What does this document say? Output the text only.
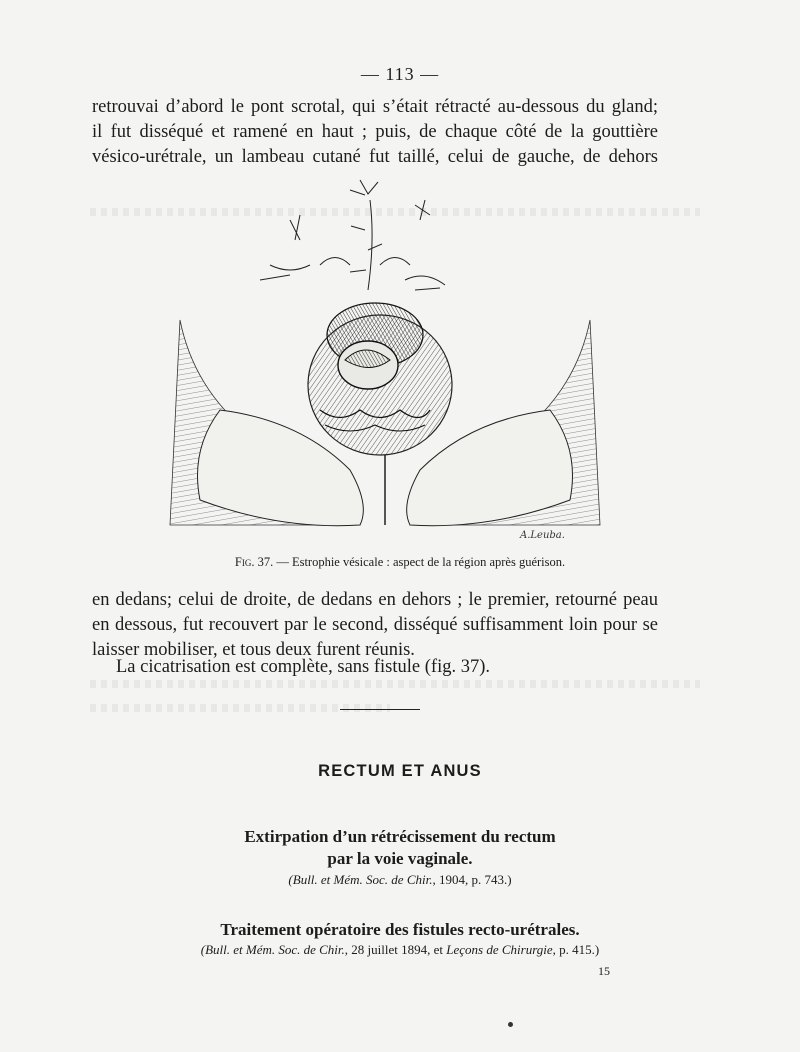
— 113 —
retrouvai d’abord le pont scrotal, qui s’était rétracté au-dessous du gland;
il fut disséqué et ramené en haut ; puis, de chaque côté de la gouttière
vésico-urétrale, un lambeau cutané fut taillé, celui de gauche, de dehors
A.Leuba.
Fig. 37. — Estrophie vésicale : aspect de la région après guérison.
en dedans; celui de droite, de dedans en dehors ; le premier, retourné peau
en dessous, fut recouvert par le second, disséqué suffisamment loin pour se
laisser mobiliser, et tous deux furent réunis.
La cicatrisation est complète, sans fistule (fig. 37).
RECTUM ET ANUS
Extirpation d’un rétrécissement du rectum
par la voie vaginale.
(Bull. et Mém. Soc. de Chir., 1904, p. 743.)
Traitement opératoire des fistules recto-urétrales.
(Bull. et Mém. Soc. de Chir., 28 juillet 1894, et Leçons de Chirurgie, p. 415.)
15
